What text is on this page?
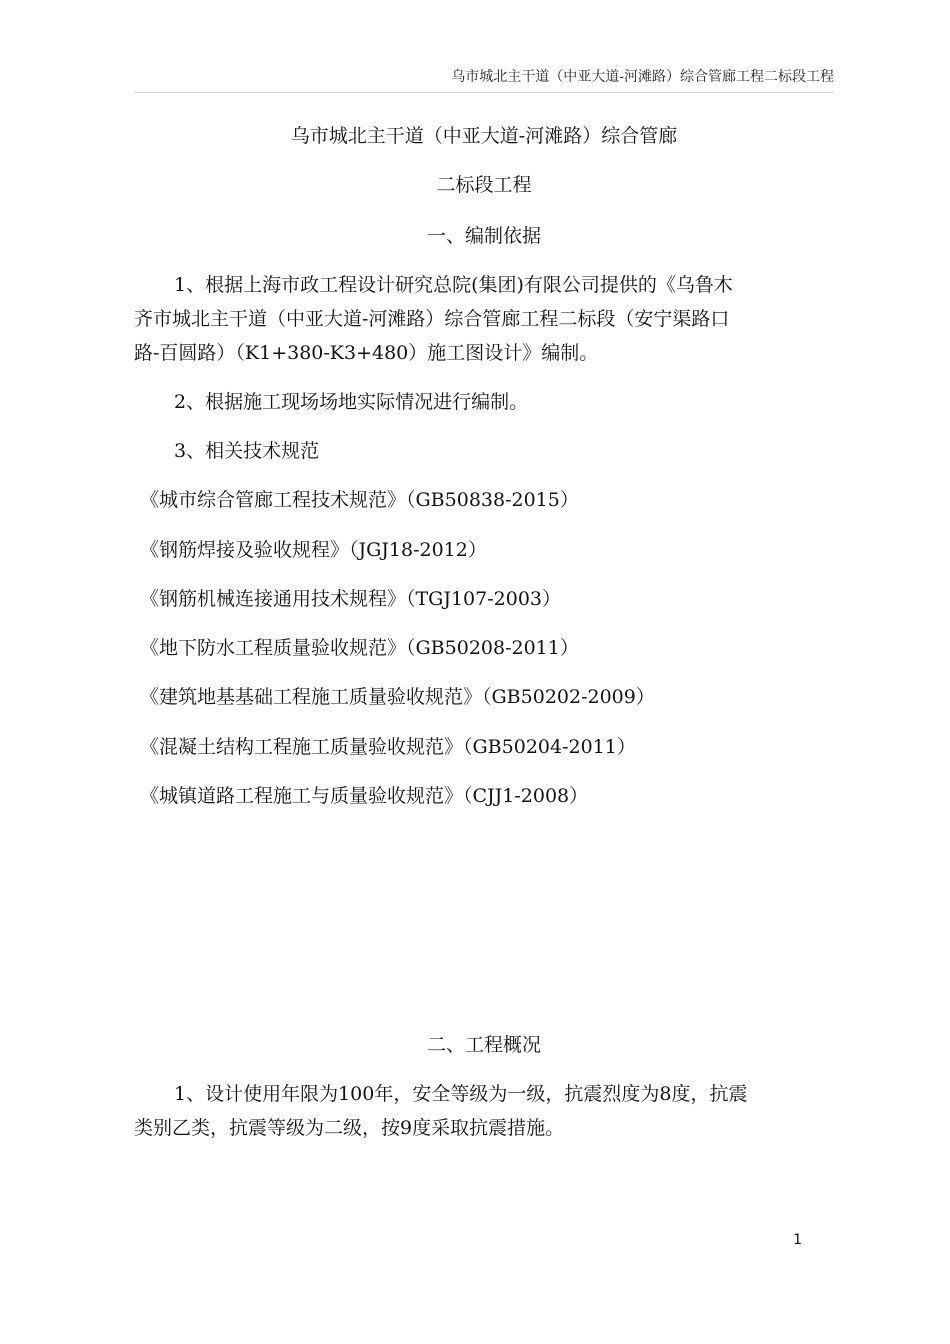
乌市城北主干道（中亚大道-河滩路）综合管廊工程二标段工程
乌市城北主干道（中亚大道-河滩路）综合管廊
二标段工程
一、编制依据
1、根据上海市政工程设计研究总院(集团)有限公司提供的《乌鲁木
齐市城北主干道（中亚大道-河滩路）综合管廊工程二标段（安宁渠路口
路-百圆路）（K1+380-K3+480）施工图设计》编制。
2、根据施工现场场地实际情况进行编制。
3、相关技术规范
《城市综合管廊工程技术规范》（GB50838-2015）
《钢筋焊接及验收规程》（JGJ18-2012）
《钢筋机械连接通用技术规程》（TGJ107-2003）
《地下防水工程质量验收规范》（GB50208-2011）
《建筑地基基础工程施工质量验收规范》（GB50202-2009）
《混凝土结构工程施工质量验收规范》（GB50204-2011）
《城镇道路工程施工与质量验收规范》（CJJ1-2008）
二、工程概况
1、设计使用年限为100年，安全等级为一级，抗震烈度为8度，抗震
类别乙类，抗震等级为二级，按9度采取抗震措施。
1
